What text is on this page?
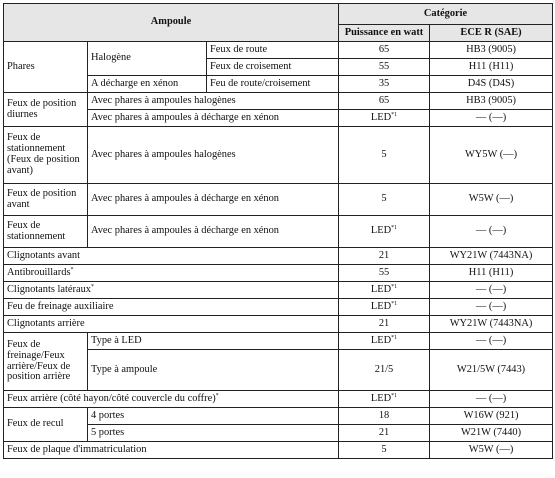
Ampoule			Catégorie	
			Puissance en watt	ECE R (SAE)
Phares	Halogène	Feux de route	65	HB3 (9005)
		Feux de croisement	55	H11 (H11)
	A décharge en xénon	Feu de route/croisement	35	D4S (D4S)
Feux de position diurnes	Avec phares à ampoules halogènes		65	HB3 (9005)
	Avec phares à ampoules à décharge en xénon		LED$^{*1}$	— (—)
Feux de stationnement (Feux de position avant)	Avec phares à ampoules halogènes		5	WY5W (—)
Feux de position avant	Avec phares à ampoules à décharge en xénon		5	W5W (—)
Feux de stationnement	Avec phares à ampoules à décharge en xénon		LED$^{*1}$	— (—)
Clignotants avant			21	WY21W (7443NA)
Antibrouillards*			55	H11 (H11)
Clignotants latéraux*			LED$^{*1}$	— (—)
Feu de freinage auxiliaire			LED$^{*1}$	— (—)
Clignotants arrière			21	WY21W (7443NA)
Feux de freinage/Feux arrière/Feux de position arrière	Type à LED		LED$^{*1}$	— (—)
	Type à ampoule		21/5	W21/5W (7443)
Feux arrière (côté hayon/côté couvercle du coffre)*			LED$^{*1}$	— (—)
Feux de recul	4 portes		18	W16W (921)
	5 portes		21	W21W (7440)
Feux de plaque d'immatriculation			5	W5W (—)
